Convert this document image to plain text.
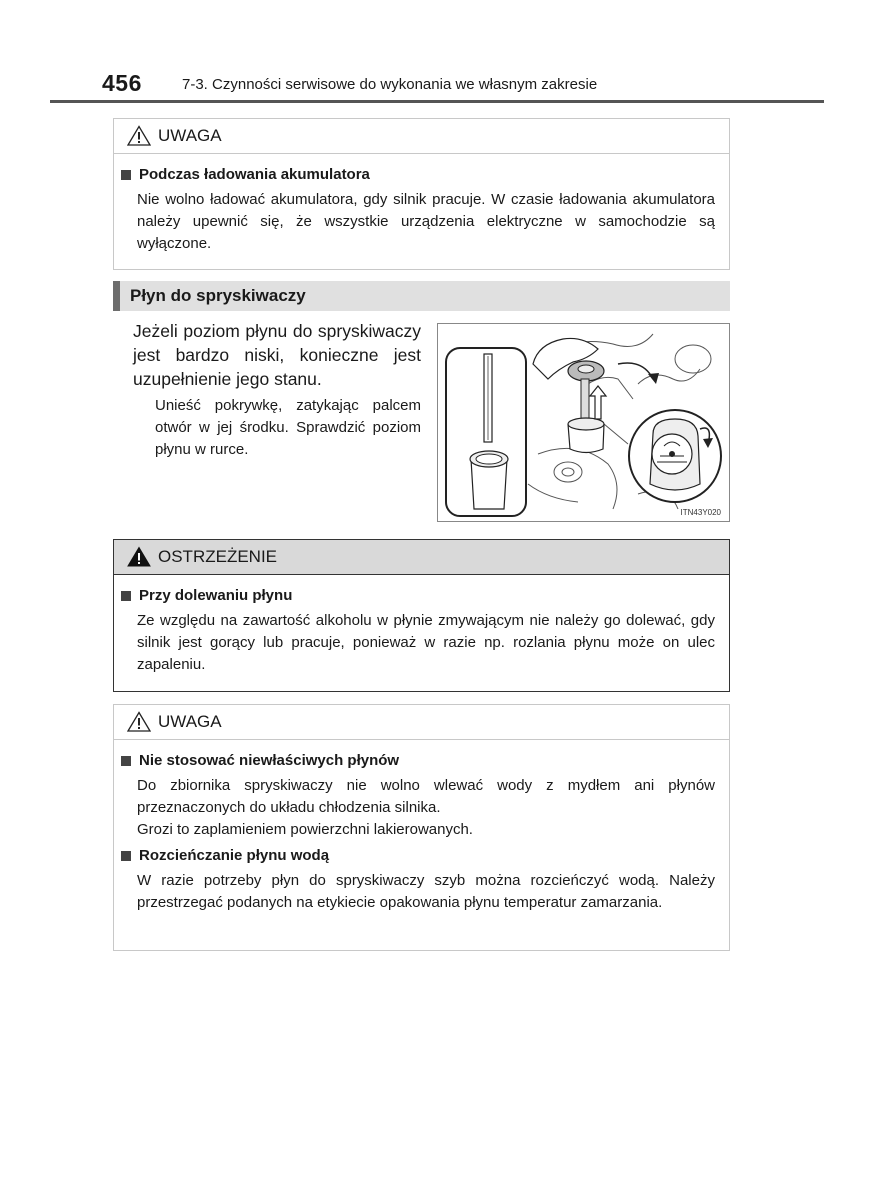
456	7-3. Czynności serwisowe do wykonania we własnym zakresie
UWAGA
Podczas ładowania akumulatora
Nie wolno ładować akumulatora, gdy silnik pracuje. W czasie ładowania akumulatora należy upewnić się, że wszystkie urządzenia elektryczne w samochodzie są wyłączone.
Płyn do spryskiwaczy
Jeżeli poziom płynu do spryskiwaczy jest bardzo niski, konieczne jest uzupełnienie jego stanu.
Unieść pokrywkę, zatykając palcem otwór w jej środku. Sprawdzić poziom płynu w rurce.
ITN43Y020
OSTRZEŻENIE
Przy dolewaniu płynu
Ze względu na zawartość alkoholu w płynie zmywającym nie należy go dolewać, gdy silnik jest gorący lub pracuje, ponieważ w razie np. rozlania płynu może on ulec zapaleniu.
UWAGA
Nie stosować niewłaściwych płynów
Do zbiornika spryskiwaczy nie wolno wlewać wody z mydłem ani płynów przeznaczonych do układu chłodzenia silnika.
Grozi to zaplamieniem powierzchni lakierowanych.
Rozcieńczanie płynu wodą
W razie potrzeby płyn do spryskiwaczy szyb można rozcieńczyć wodą. Należy przestrzegać podanych na etykiecie opakowania płynu temperatur zamarzania.
